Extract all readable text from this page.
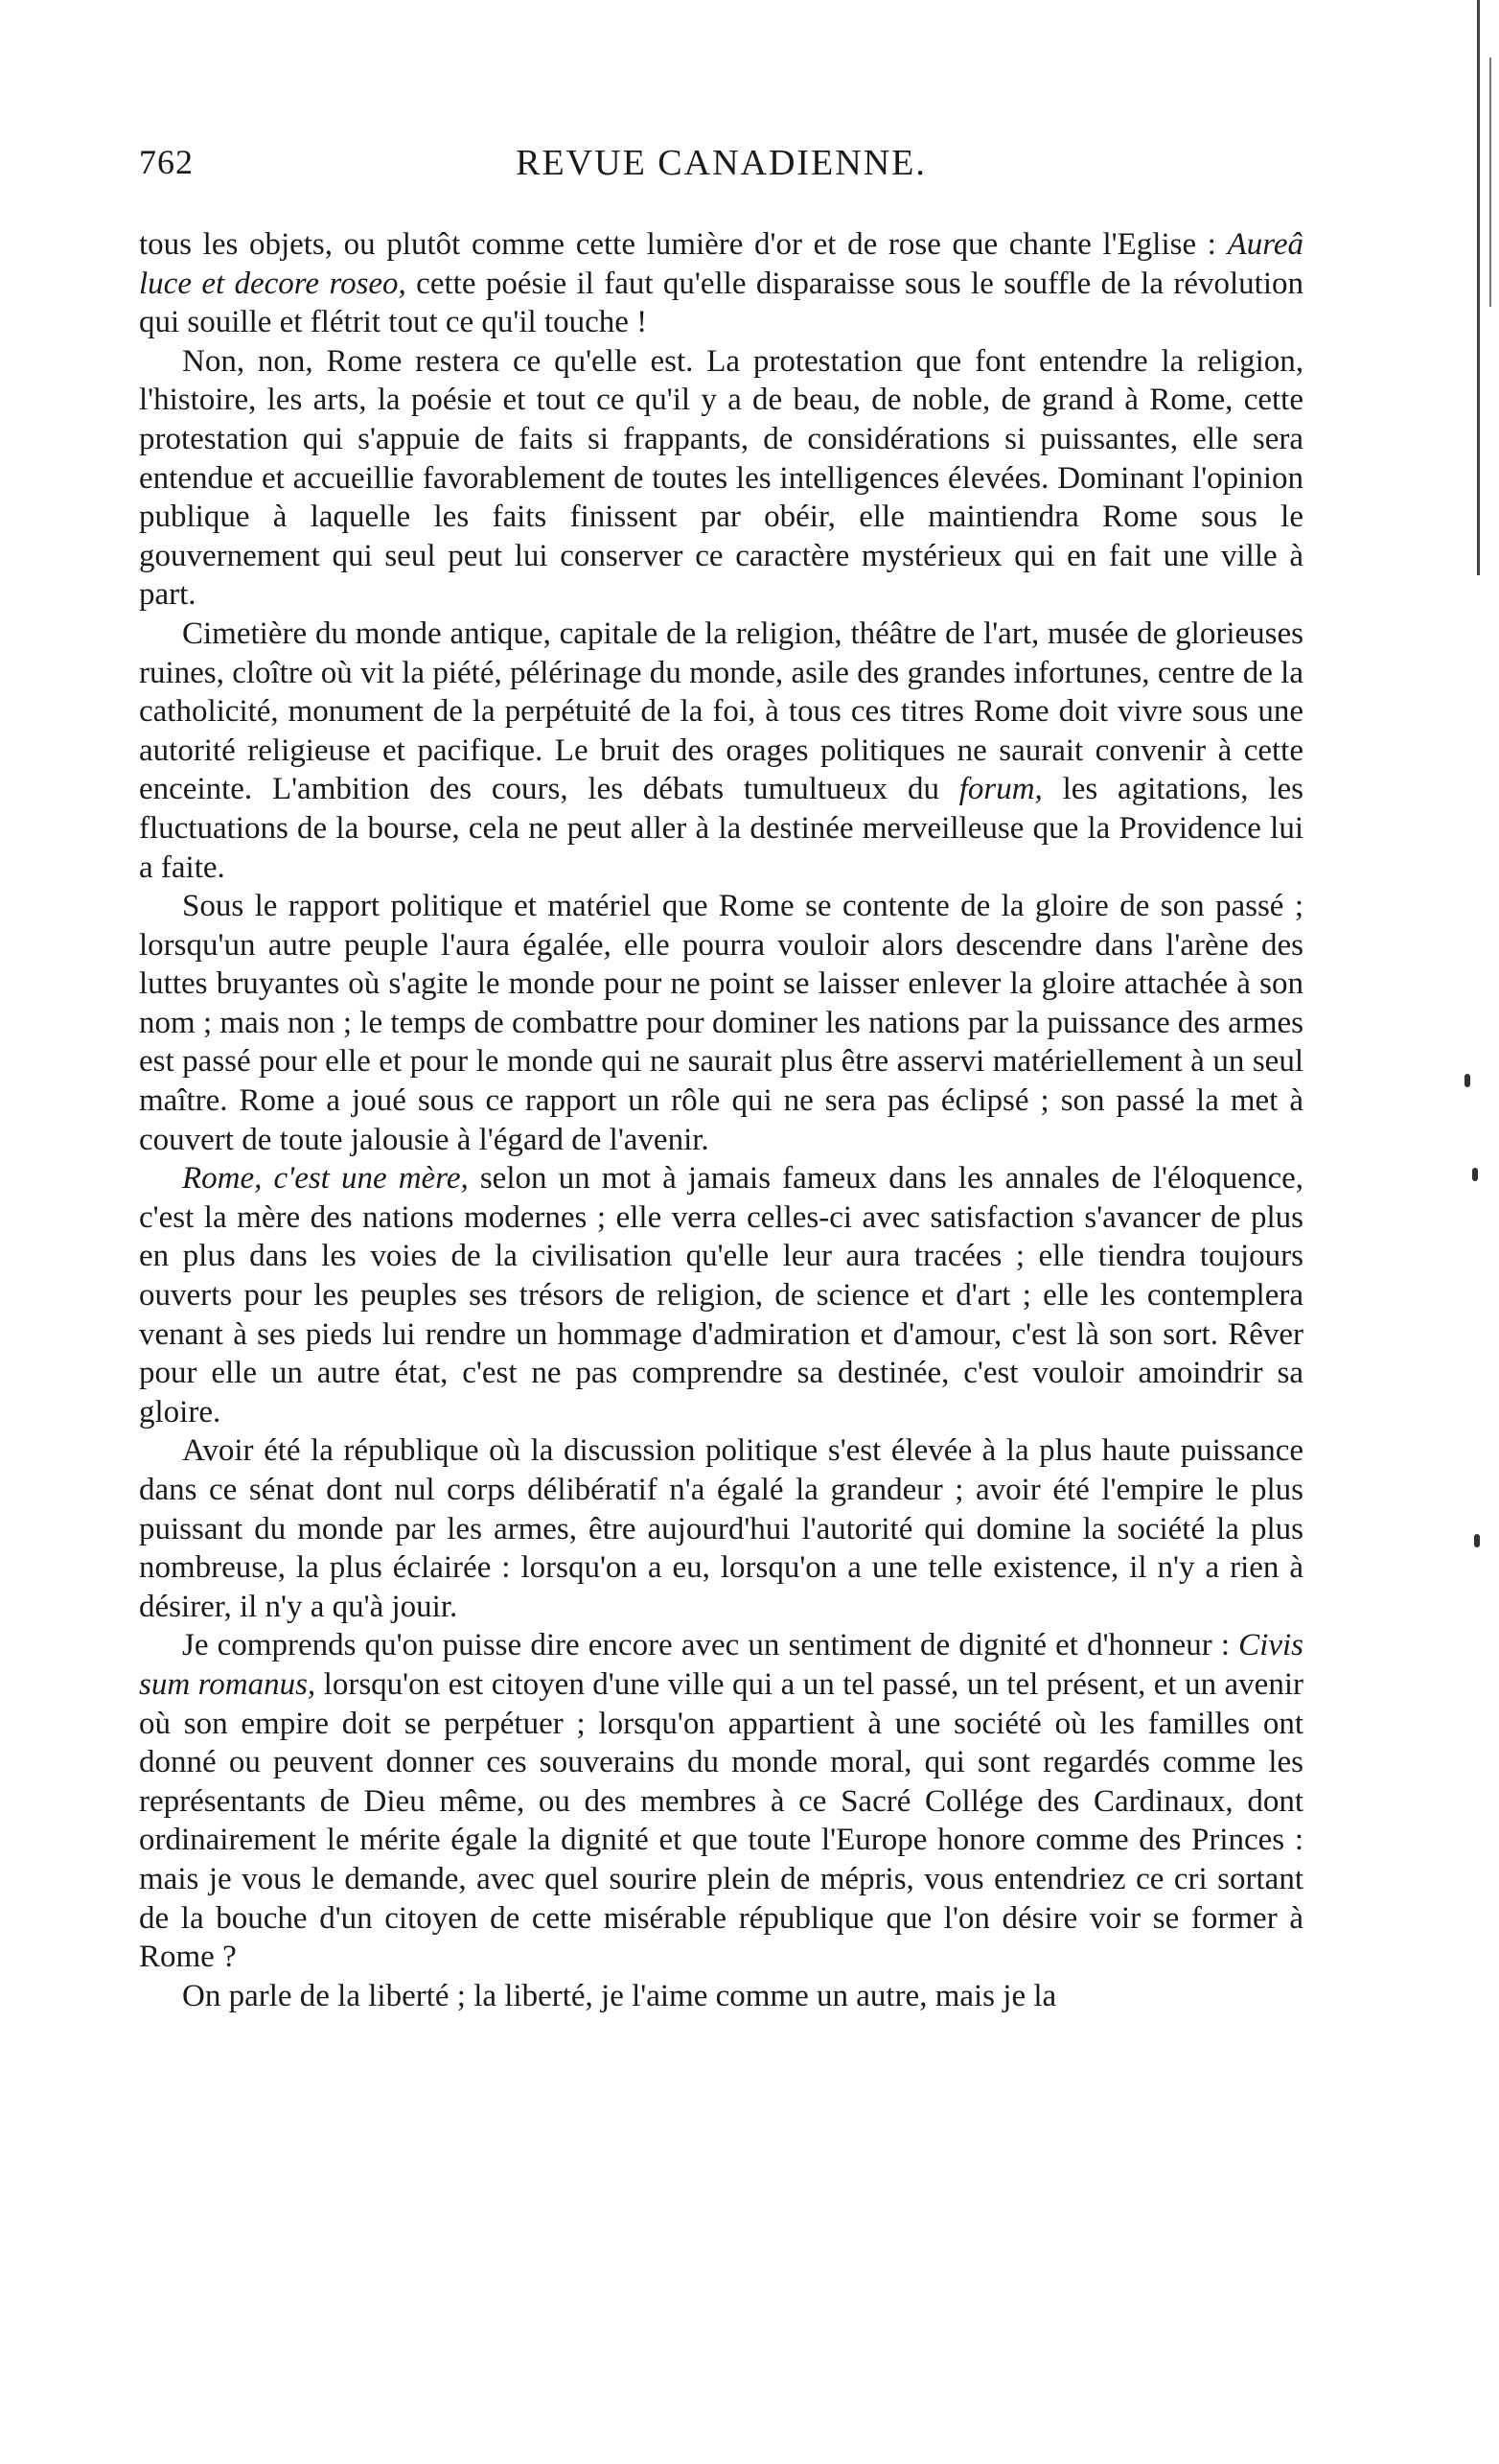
762	REVUE CANADIENNE.

tous les objets, ou plutôt comme cette lumière d'or et de rose que chante l'Eglise : Aureâ luce et decore roseo, cette poésie il faut qu'elle disparaisse sous le souffle de la révolution qui souille et flétrit tout ce qu'il touche !

Non, non, Rome restera ce qu'elle est. La protestation que font entendre la religion, l'histoire, les arts, la poésie et tout ce qu'il y a de beau, de noble, de grand à Rome, cette protestation qui s'appuie de faits si frappants, de considérations si puissantes, elle sera entendue et accueillie favorablement de toutes les intelligences élevées. Dominant l'opinion publique à laquelle les faits finissent par obéir, elle maintiendra Rome sous le gouvernement qui seul peut lui conserver ce caractère mystérieux qui en fait une ville à part.

Cimetière du monde antique, capitale de la religion, théâtre de l'art, musée de glorieuses ruines, cloître où vit la piété, pélérinage du monde, asile des grandes infortunes, centre de la catholicité, monument de la perpétuité de la foi, à tous ces titres Rome doit vivre sous une autorité religieuse et pacifique. Le bruit des orages politiques ne saurait convenir à cette enceinte. L'ambition des cours, les débats tumultueux du forum, les agitations, les fluctuations de la bourse, cela ne peut aller à la destinée merveilleuse que la Providence lui a faite.

Sous le rapport politique et matériel que Rome se contente de la gloire de son passé ; lorsqu'un autre peuple l'aura égalée, elle pourra vouloir alors descendre dans l'arène des luttes bruyantes où s'agite le monde pour ne point se laisser enlever la gloire attachée à son nom ; mais non ; le temps de combattre pour dominer les nations par la puissance des armes est passé pour elle et pour le monde qui ne saurait plus être asservi matériellement à un seul maître. Rome a joué sous ce rapport un rôle qui ne sera pas éclipsé ; son passé la met à couvert de toute jalousie à l'égard de l'avenir.

Rome, c'est une mère, selon un mot à jamais fameux dans les annales de l'éloquence, c'est la mère des nations modernes ; elle verra celles-ci avec satisfaction s'avancer de plus en plus dans les voies de la civilisation qu'elle leur aura tracées ; elle tiendra toujours ouverts pour les peuples ses trésors de religion, de science et d'art ; elle les contemplera venant à ses pieds lui rendre un hommage d'admiration et d'amour, c'est là son sort. Rêver pour elle un autre état, c'est ne pas comprendre sa destinée, c'est vouloir amoindrir sa gloire.

Avoir été la république où la discussion politique s'est élevée à la plus haute puissance dans ce sénat dont nul corps délibératif n'a égalé la grandeur ; avoir été l'empire le plus puissant du monde par les armes, être aujourd'hui l'autorité qui domine la société la plus nombreuse, la plus éclairée : lorsqu'on a eu, lorsqu'on a une telle existence, il n'y a rien à désirer, il n'y a qu'à jouir.

Je comprends qu'on puisse dire encore avec un sentiment de dignité et d'honneur : Civis sum romanus, lorsqu'on est citoyen d'une ville qui a un tel passé, un tel présent, et un avenir où son empire doit se perpétuer ; lorsqu'on appartient à une société où les familles ont donné ou peuvent donner ces souverains du monde moral, qui sont regardés comme les représentants de Dieu même, ou des membres à ce Sacré Collége des Cardinaux, dont ordinairement le mérite égale la dignité et que toute l'Europe honore comme des Princes : mais je vous le demande, avec quel sourire plein de mépris, vous entendriez ce cri sortant de la bouche d'un citoyen de cette misérable république que l'on désire voir se former à Rome ?

On parle de la liberté ; la liberté, je l'aime comme un autre, mais je la
